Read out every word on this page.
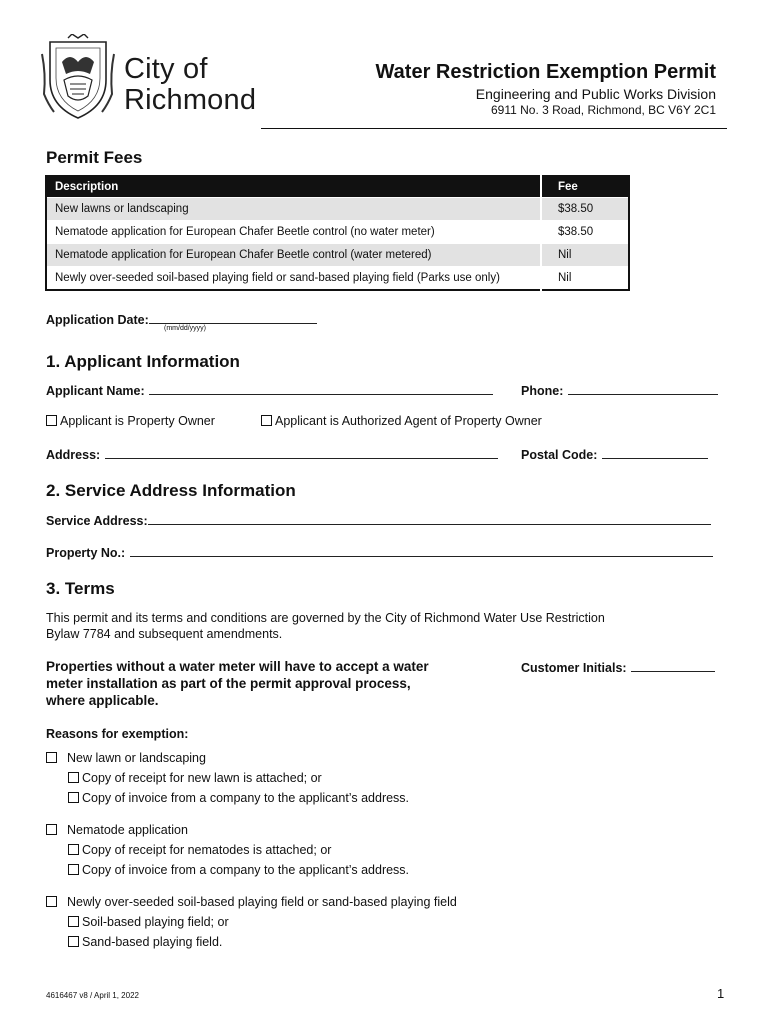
City of
Richmond
Water Restriction Exemption Permit
Engineering and Public Works Division
6911 No. 3 Road, Richmond, BC V6Y 2C1
Permit Fees
Description	Fee
New lawns or landscaping	$38.50
Nematode application for European Chafer Beetle control (no water meter)	$38.50
Nematode application for European Chafer Beetle control (water metered)	Nil
Newly over-seeded soil-based playing field or sand-based playing field (Parks use only)	Nil
Application Date:
(mm/dd/yyyy)
1. Applicant Information
Applicant Name:	Phone:
Applicant is Property Owner	Applicant is Authorized Agent of Property Owner
Address:	Postal Code:
2. Service Address Information
Service Address:
Property No.:
3. Terms
This permit and its terms and conditions are governed by the City of Richmond Water Use Restriction
Bylaw 7784 and subsequent amendments.
Properties without a water meter will have to accept a water
meter installation as part of the permit approval process,
where applicable.
Customer Initials:
Reasons for exemption:
New lawn or landscaping
Copy of receipt for new lawn is attached; or
Copy of invoice from a company to the applicant’s address.
Nematode application
Copy of receipt for nematodes is attached; or
Copy of invoice from a company to the applicant’s address.
Newly over-seeded soil-based playing field or sand-based playing field
Soil-based playing field; or
Sand-based playing field.
4616467 v8 / April 1, 2022	1
